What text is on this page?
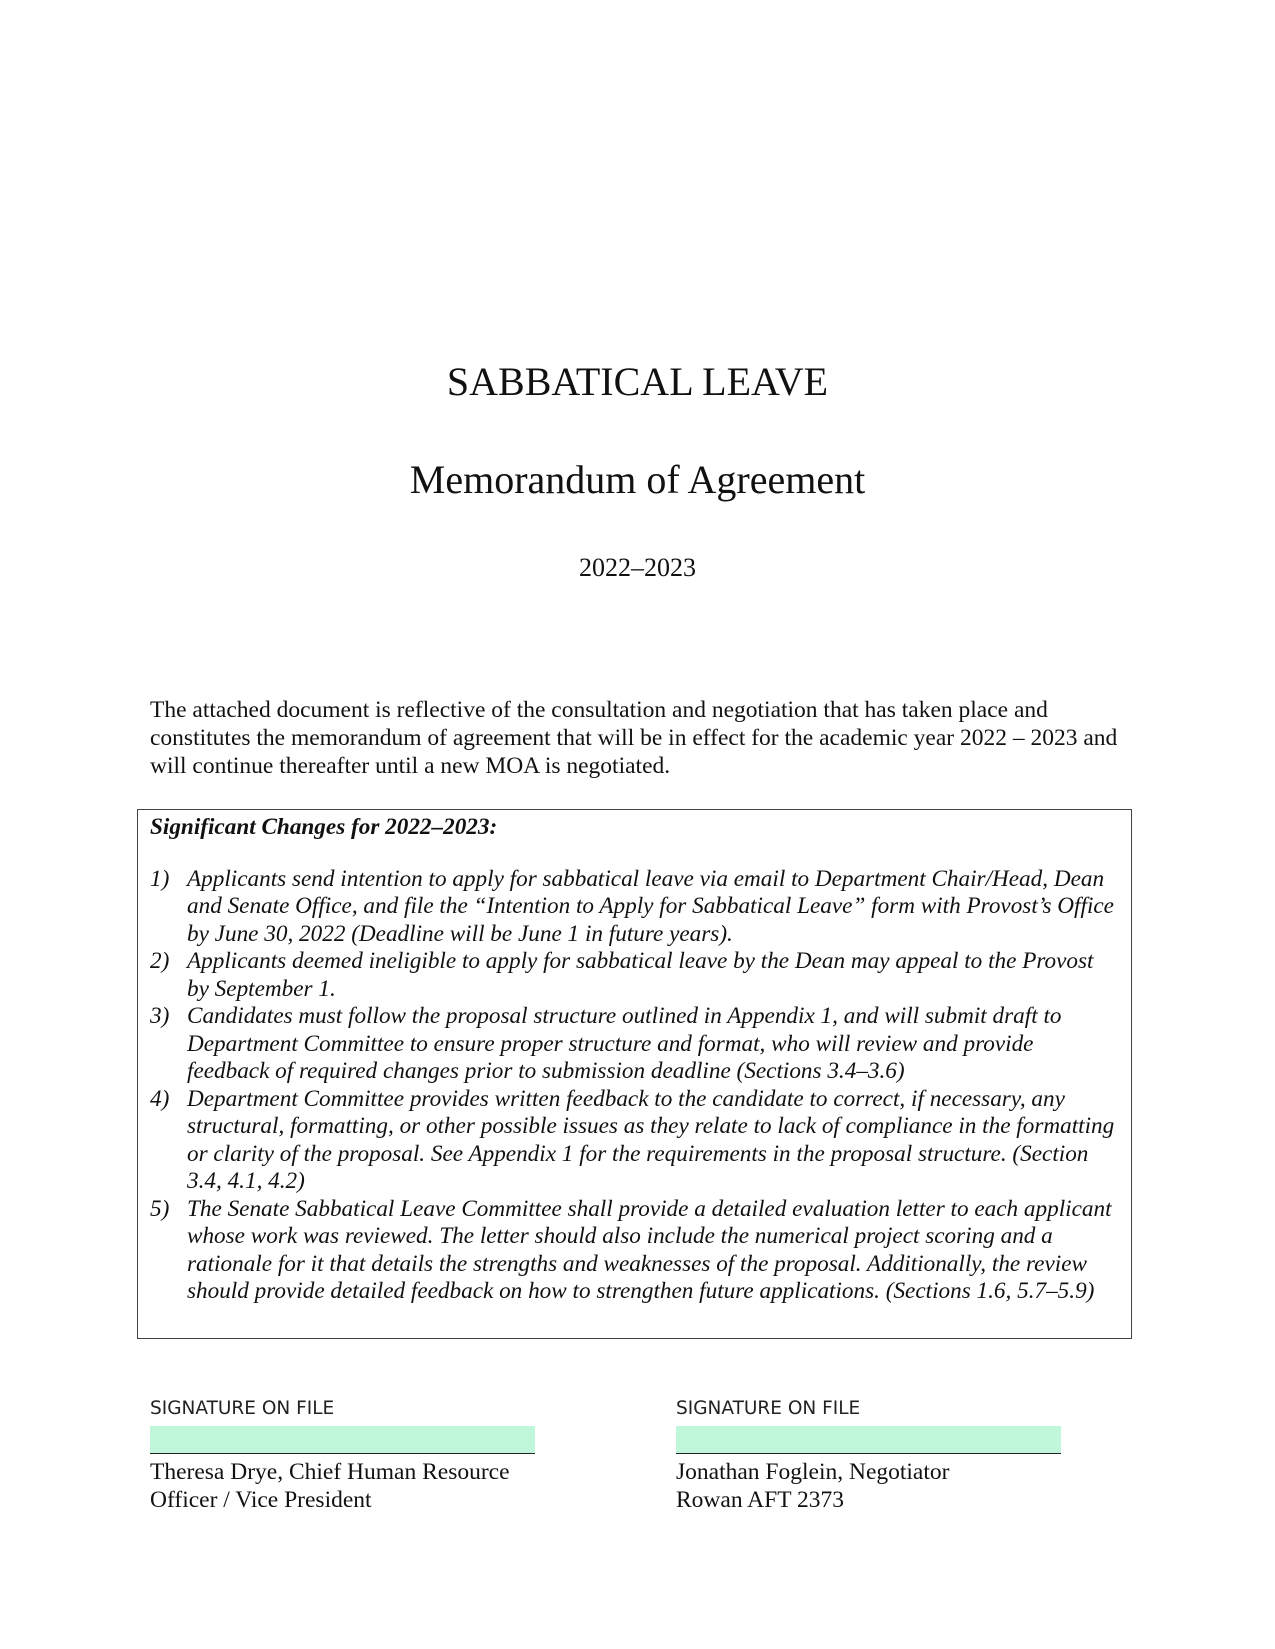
SABBATICAL LEAVE
Memorandum of Agreement
2022–2023

The attached document is reflective of the consultation and negotiation that has taken place and constitutes the memorandum of agreement that will be in effect for the academic year 2022 – 2023 and will continue thereafter until a new MOA is negotiated.

Significant Changes for 2022–2023:
1) Applicants send intention to apply for sabbatical leave via email to Department Chair/Head, Dean and Senate Office, and file the “Intention to Apply for Sabbatical Leave” form with Provost’s Office by June 30, 2022 (Deadline will be June 1 in future years).
2) Applicants deemed ineligible to apply for sabbatical leave by the Dean may appeal to the Provost by September 1.
3) Candidates must follow the proposal structure outlined in Appendix 1, and will submit draft to Department Committee to ensure proper structure and format, who will review and provide feedback of required changes prior to submission deadline (Sections 3.4–3.6)
4) Department Committee provides written feedback to the candidate to correct, if necessary, any structural, formatting, or other possible issues as they relate to lack of compliance in the formatting or clarity of the proposal. See Appendix 1 for the requirements in the proposal structure. (Section 3.4, 4.1, 4.2)
5) The Senate Sabbatical Leave Committee shall provide a detailed evaluation letter to each applicant whose work was reviewed. The letter should also include the numerical project scoring and a rationale for it that details the strengths and weaknesses of the proposal. Additionally, the review should provide detailed feedback on how to strengthen future applications. (Sections 1.6, 5.7–5.9)
SIGNATURE ON FILE
Theresa Drye, Chief Human Resource
Officer / Vice President
SIGNATURE ON FILE
Jonathan Foglein, Negotiator
Rowan AFT 2373
